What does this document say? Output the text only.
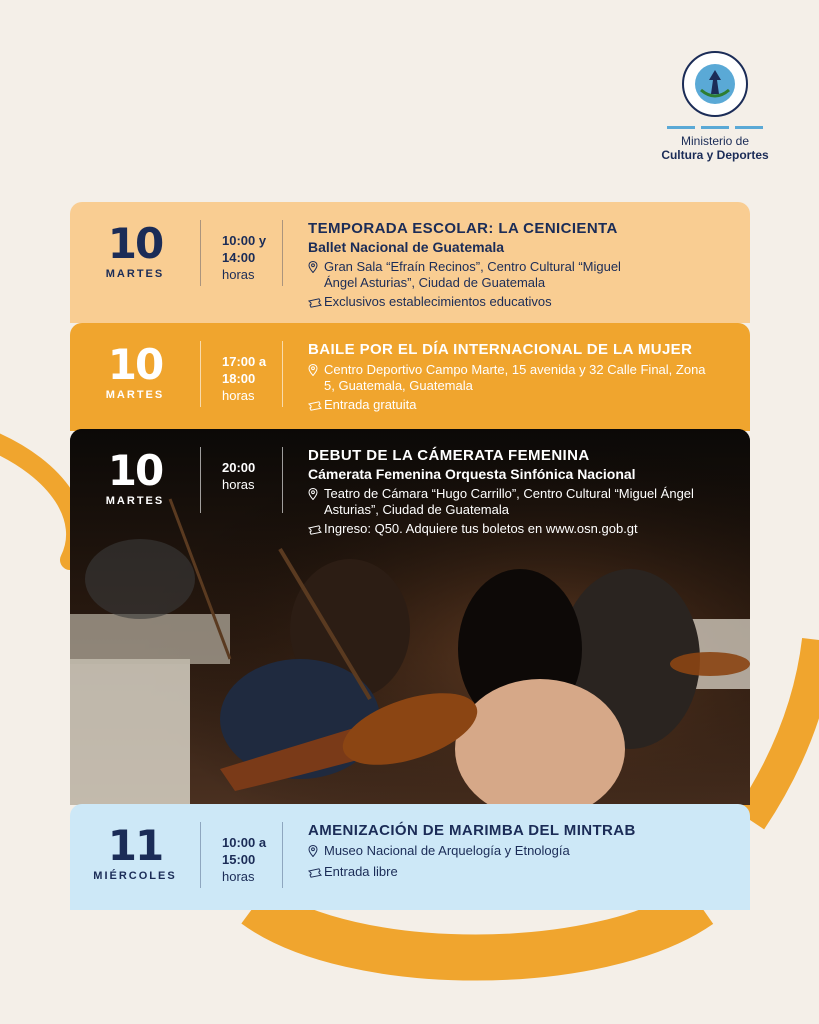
Ministerio de
Cultura y Deportes
10
MARTES
10:00 y
14:00
horas
TEMPORADA ESCOLAR: LA CENICIENTA
Ballet Nacional de Guatemala
Gran Sala “Efraín Recinos”, Centro Cultural “Miguel Ángel Asturias”, Ciudad de Guatemala
Exclusivos establecimientos educativos
10
MARTES
17:00 a
18:00
horas
BAILE POR EL DÍA INTERNACIONAL DE LA MUJER
Centro Deportivo Campo Marte, 15 avenida y 32 Calle Final, Zona 5, Guatemala, Guatemala
Entrada gratuita
10
MARTES
20:00
horas
DEBUT DE LA CÁMERATA FEMENINA
Cámerata Femenina Orquesta Sinfónica Nacional
Teatro de Cámara “Hugo Carrillo”, Centro Cultural “Miguel Ángel Asturias”, Ciudad de Guatemala
Ingreso: Q50. Adquiere tus boletos en www.osn.gob.gt
11
MIÉRCOLES
10:00 a
15:00
horas
AMENIZACIÓN DE MARIMBA DEL MINTRAB
Museo Nacional de Arquelogía y Etnología
Entrada libre
